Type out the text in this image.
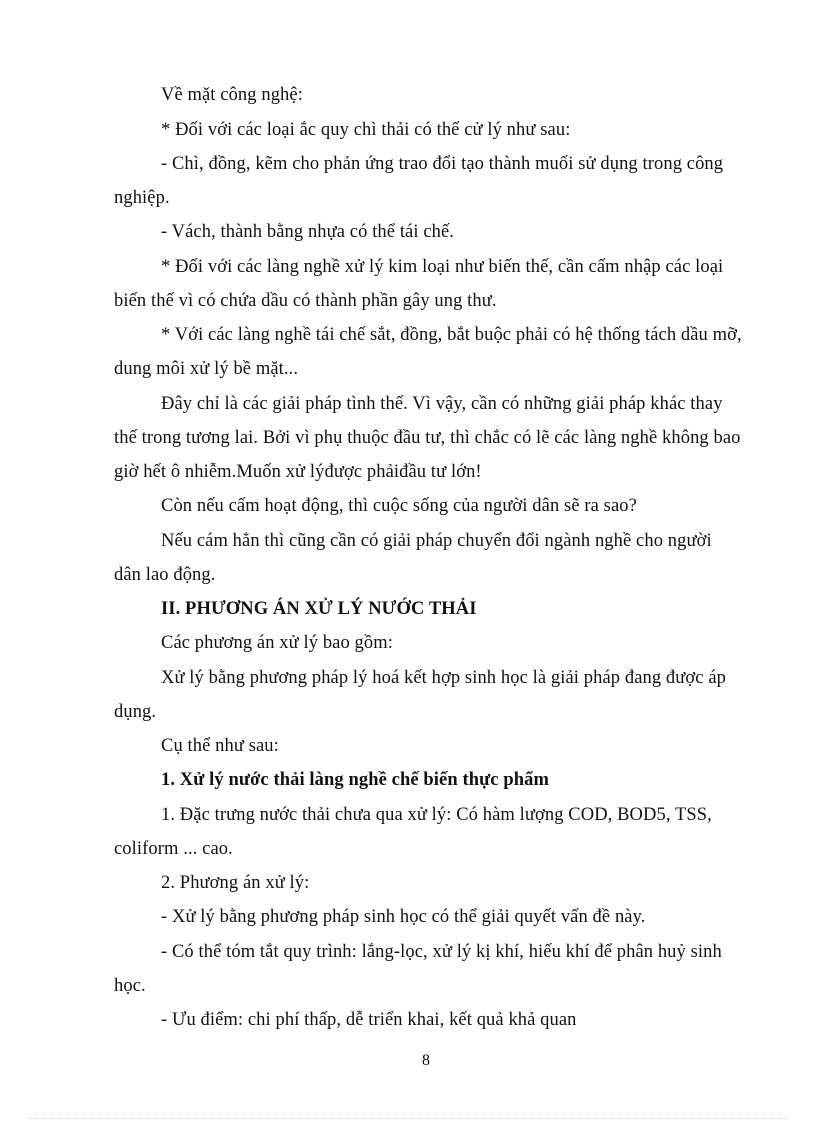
Về mặt công nghệ:
* Đối với các loại ắc quy chì thải có thể cử lý như sau:
- Chì, đồng, kẽm cho phản ứng trao đổi tạo thành muối sử dụng trong công
nghiệp.
- Vách, thành bằng nhựa có thể tái chế.
* Đối với các làng nghề xử lý kim loại như biến thế, cần cấm nhập các loại
biến thế vì có chứa dầu có thành phần gây ung thư.
* Với các làng nghề tái chế sắt, đồng, bắt buộc phải có hệ thống tách dầu mỡ,
dung môi xử lý bề mặt...
Đây chỉ là các giải pháp tình thế. Vì vậy, cần có những giải pháp khác thay
thế trong tương lai. Bởi vì phụ thuộc đầu tư, thì chắc có lẽ các làng nghề không bao
giờ hết ô nhiễm.Muốn xử lýđược phảiđầu tư lớn!
Còn nếu cấm hoạt động, thì cuộc sống của người dân sẽ ra sao?
Nếu cám hẳn thì cũng cần có giải pháp chuyển đổi ngành nghề cho người
dân lao động.
II. PHƯƠNG ÁN XỬ LÝ NƯỚC THẢI
Các phương án xử lý bao gồm:
Xử lý bằng phương pháp lý hoá kết hợp sinh học là giải pháp đang được áp
dụng.
Cụ thể như sau:
1. Xử lý nước thải làng nghề chế biến thực phẩm
1. Đặc trưng nước thải chưa qua xử lý: Có hàm lượng COD, BOD5, TSS,
coliform ... cao.
2. Phương án xử lý:
- Xử lý bằng phương pháp sinh học có thể giải quyết vấn đề này.
- Có thể tóm tắt quy trình: lắng-lọc, xử lý kị khí, hiếu khí để phân huỷ sinh
học.
- Ưu điểm: chi phí thấp, dễ triển khai, kết quả khả quan
8
